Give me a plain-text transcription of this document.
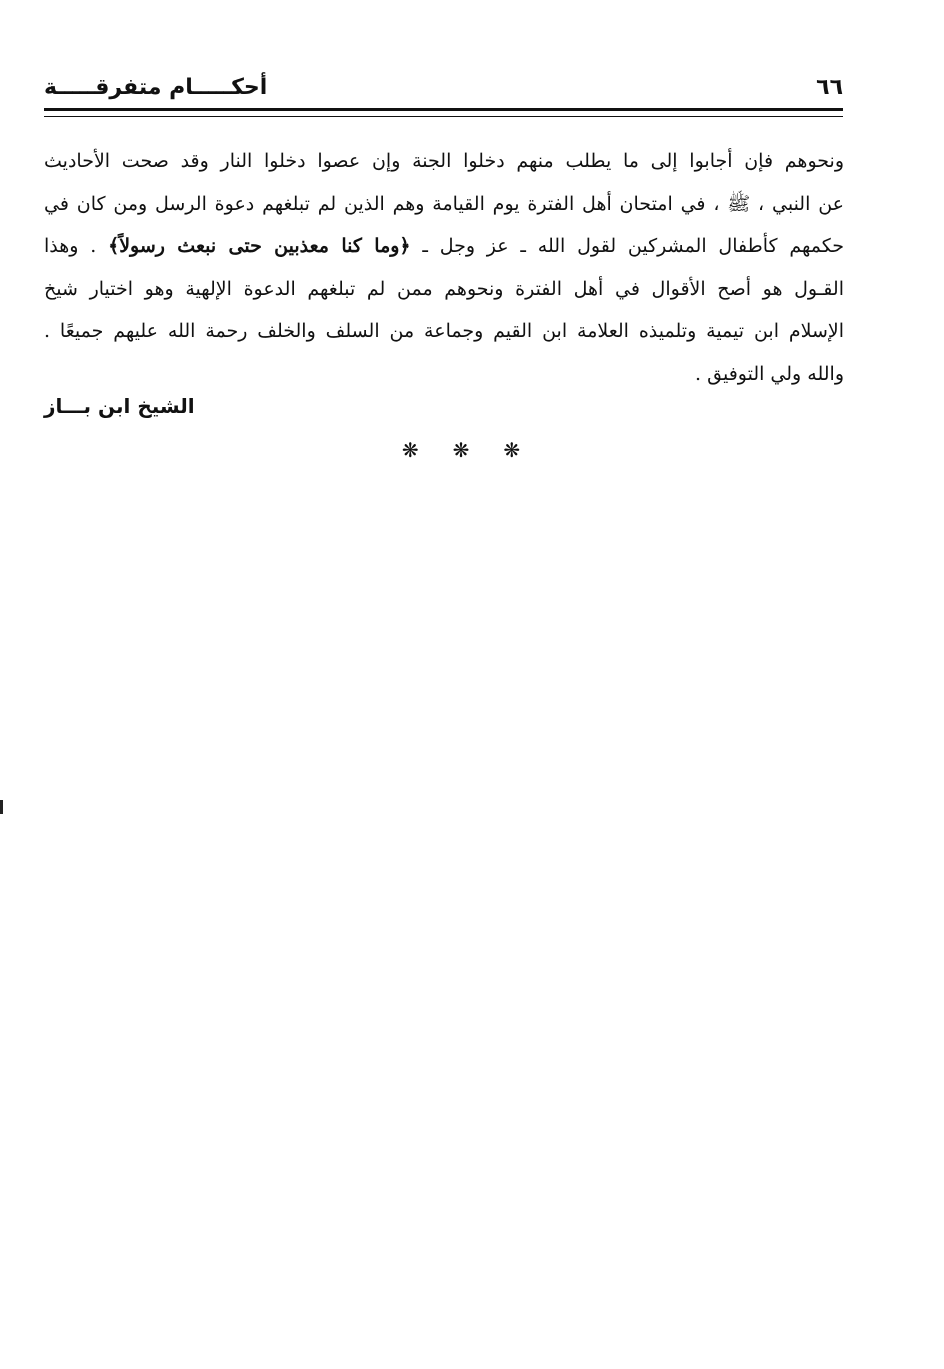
أحكـــــام متفرقـــــة	٦٦
ونحوهم فإن أجابوا إلى ما يطلب منهم دخلوا الجنة وإن عصوا دخلوا النار وقد صحت الأحاديث
عن النبي ، ﷺ ، في امتحان أهل الفترة يوم القيامة وهم الذين لم تبلغهم دعوة الرسل ومن كان في
حكمهم كأطفال المشركين لقول الله ـ عز وجل ـ ﴿وما كنا معذبين حتى نبعث رسولاً﴾ . وهذا
القـول هو أصح الأقوال في أهل الفترة ونحوهم ممن لم تبلغهم الدعوة الإلهية وهو اختيار شيخ
الإسلام ابن تيمية وتلميذه العلامة ابن القيم وجماعة من السلف والخلف رحمة الله عليهم جميعًا .
والله ولي التوفيق .
الشيخ ابن بـــاز
❋ ❋ ❋
